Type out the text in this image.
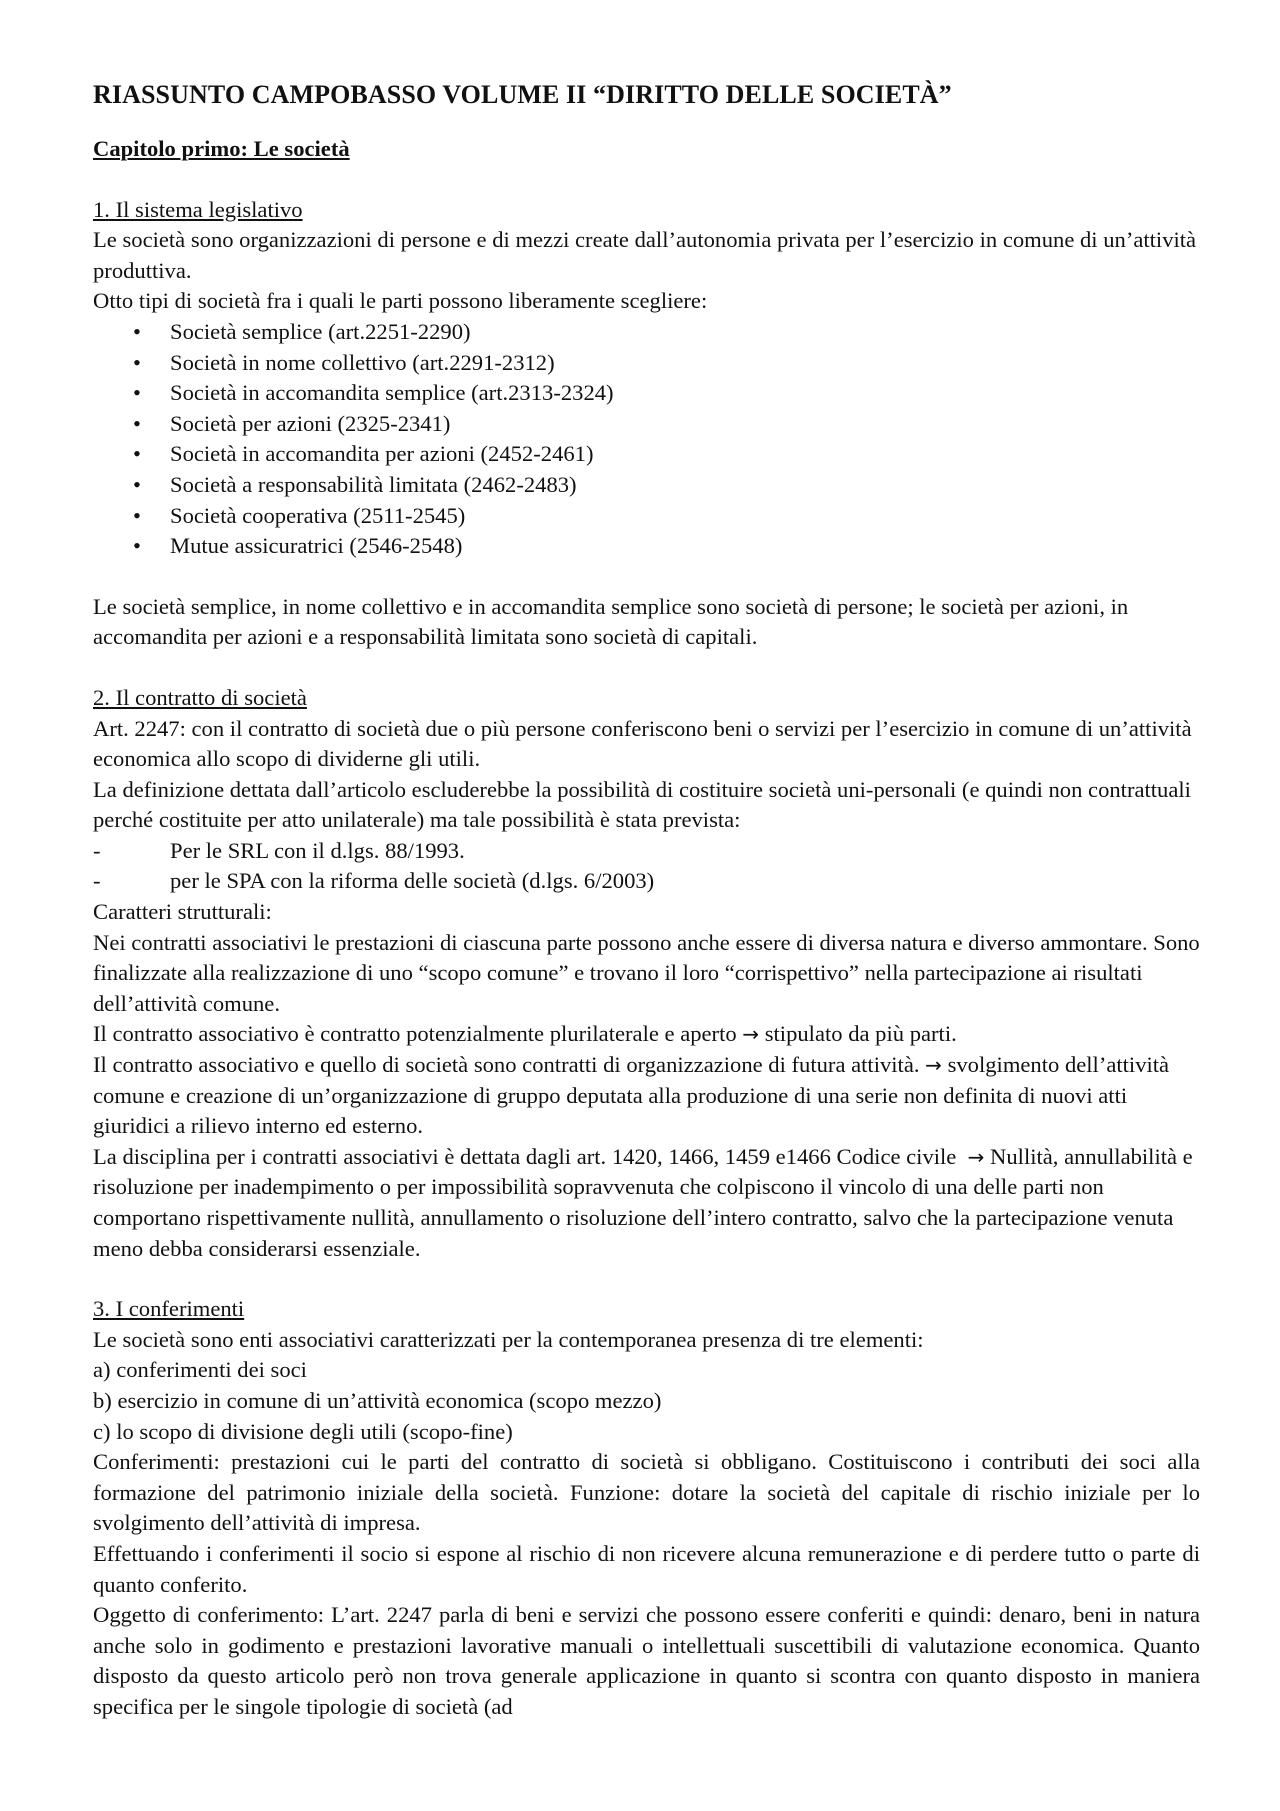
RIASSUNTO CAMPOBASSO VOLUME II “DIRITTO DELLE SOCIETÀ”
Capitolo primo: Le società
1. Il sistema legislativo

Le società sono organizzazioni di persone e di mezzi create dall’autonomia privata per l’esercizio in comune di un’attività produttiva.

Otto tipi di società fra i quali le parti possono liberamente scegliere:

• Società semplice (art.2251-2290)
• Società in nome collettivo (art.2291-2312)
• Società in accomandita semplice (art.2313-2324)
• Società per azioni (2325-2341)
• Società in accomandita per azioni (2452-2461)
• Società a responsabilità limitata (2462-2483)
• Società cooperativa (2511-2545)
• Mutue assicuratrici (2546-2548)

Le società semplice, in nome collettivo e in accomandita semplice sono società di persone; le società per azioni, in accomandita per azioni e a responsabilità limitata sono società di capitali.

2. Il contratto di società

Art. 2247: con il contratto di società due o più persone conferiscono beni o servizi per l’esercizio in comune di un’attività economica allo scopo di dividerne gli utili.

La definizione dettata dall’articolo escluderebbe la possibilità di costituire società uni-personali (e quindi non contrattuali perché costituite per atto unilaterale) ma tale possibilità è stata prevista:

-	Per le SRL con il d.lgs. 88/1993.
-	per le SPA con la riforma delle società (d.lgs. 6/2003)

Caratteri strutturali:

Nei contratti associativi le prestazioni di ciascuna parte possono anche essere di diversa natura e diverso ammontare. Sono finalizzate alla realizzazione di uno “scopo comune” e trovano il loro “corrispettivo” nella partecipazione ai risultati dell’attività comune.

Il contratto associativo è contratto potenzialmente plurilaterale e aperto → stipulato da più parti.

Il contratto associativo e quello di società sono contratti di organizzazione di futura attività. → svolgimento dell’attività comune e creazione di un’organizzazione di gruppo deputata alla produzione di una serie non definita di nuovi atti giuridici a rilievo interno ed esterno.

La disciplina per i contratti associativi è dettata dagli art. 1420, 1466, 1459 e1466 Codice civile → Nullità, annullabilità e risoluzione per inadempimento o per impossibilità sopravvenuta che colpiscono il vincolo di una delle parti non comportano rispettivamente nullità, annullamento o risoluzione dell’intero contratto, salvo che la partecipazione venuta meno debba considerarsi essenziale.

3. I conferimenti

Le società sono enti associativi caratterizzati per la contemporanea presenza di tre elementi:

a) conferimenti dei soci

b) esercizio in comune di un’attività economica (scopo mezzo)

c) lo scopo di divisione degli utili (scopo-fine)

Conferimenti: prestazioni cui le parti del contratto di società si obbligano. Costituiscono i contributi dei soci alla formazione del patrimonio iniziale della società. Funzione: dotare la società del capitale di rischio iniziale per lo svolgimento dell’attività di impresa.

Effettuando i conferimenti il socio si espone al rischio di non ricevere alcuna remunerazione e di perdere tutto o parte di quanto conferito.

Oggetto di conferimento: L’art. 2247 parla di beni e servizi che possono essere conferiti e quindi: denaro, beni in natura anche solo in godimento e prestazioni lavorative manuali o intellettuali suscettibili di valutazione economica. Quanto disposto da questo articolo però non trova generale applicazione in quanto si scontra con quanto disposto in maniera specifica per le singole tipologie di società (ad
